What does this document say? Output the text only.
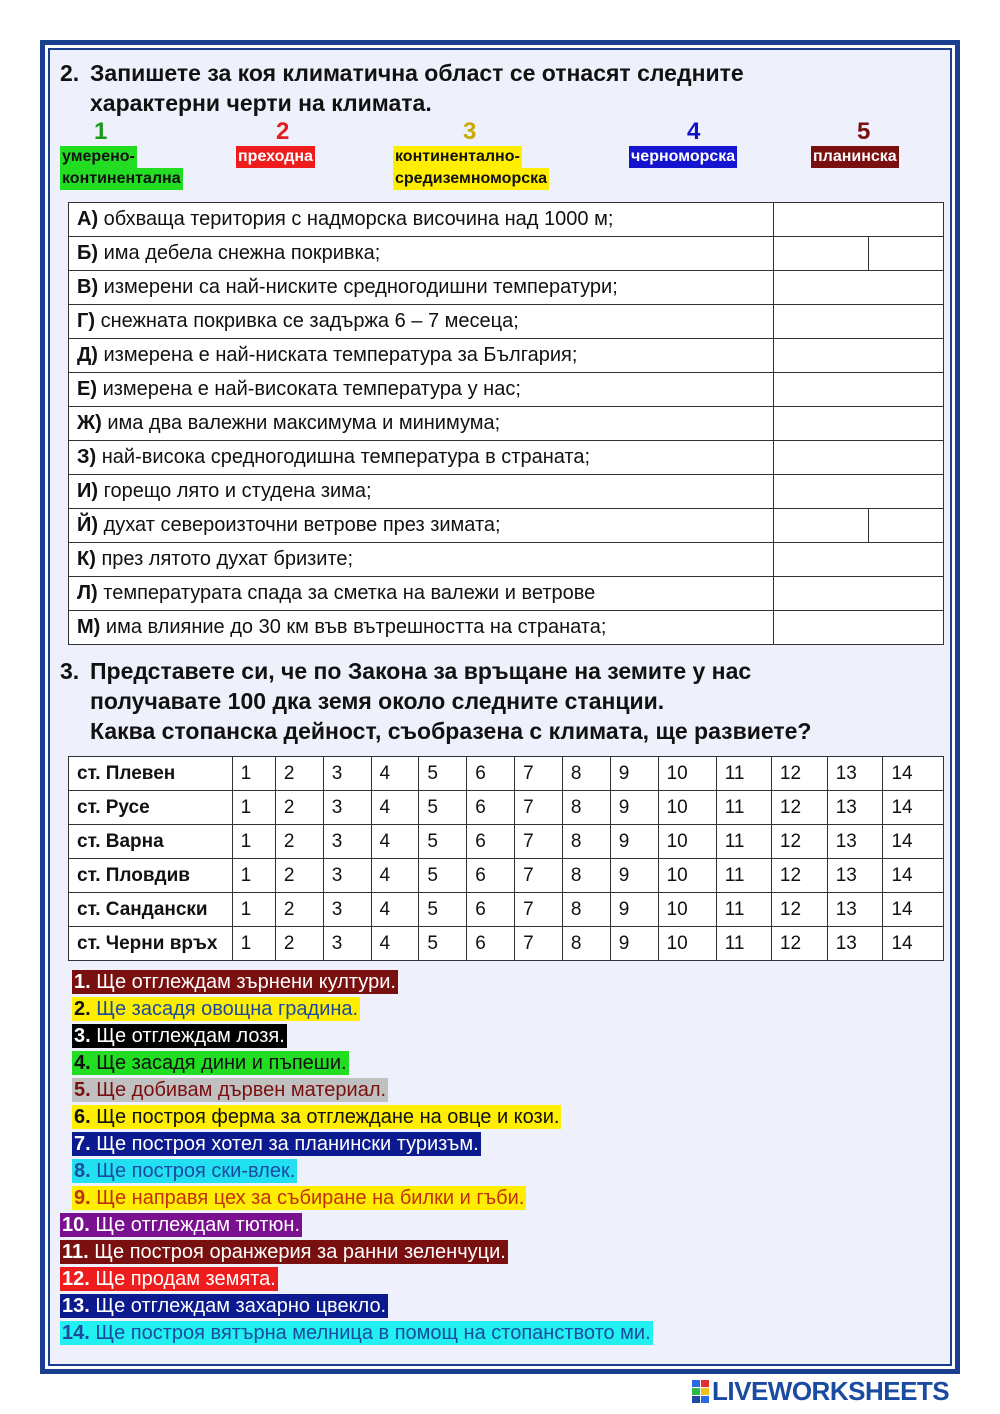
2. Запишете за коя климатична област се отнасят следните
характерни черти на климата.
1
умерено-
континентална
2
преходна
3
континентално-
средиземноморска
4
черноморска
5
планинска
А) обхваща територия с надморска височина над 1000 м;		
Б) има дебела снежна покривка;		
В) измерени са най-ниските средногодишни температури;		
Г) снежната покривка се задържа 6 – 7 месеца;		
Д) измерена е най-ниската температура за България;		
Е) измерена е най-високата температура у нас;		
Ж) има два валежни максимума и минимума;		
З) най-висока средногодишна температура в страната;		
И) горещо лято и студена зима;		
Й) духат североизточни ветрове през зимата;		
К) през лятото духат бризите;		
Л) температурата спада за сметка на валежи и ветрове		
М) има влияние до 30 км във вътрешността на страната;		
3. Представете си, че по Закона за връщане на земите у нас
получавате 100 дка земя около следните станции.
Каква стопанска дейност, съобразена с климата, ще развиете?
ст. Плевен	1	2	3	4	5	6	7	8	9	10	11	12	13	14
ст. Русе	1	2	3	4	5	6	7	8	9	10	11	12	13	14
ст. Варна	1	2	3	4	5	6	7	8	9	10	11	12	13	14
ст. Пловдив	1	2	3	4	5	6	7	8	9	10	11	12	13	14
ст. Сандански	1	2	3	4	5	6	7	8	9	10	11	12	13	14
ст. Черни връх	1	2	3	4	5	6	7	8	9	10	11	12	13	14
1. Ще отглеждам зърнени култури.
2. Ще засадя овощна градина.
3. Ще отглеждам лозя.
4. Ще засадя дини и пъпеши.
5. Ще добивам дървен материал.
6. Ще построя ферма за отглеждане на овце и кози.
7. Ще построя хотел за планински туризъм.
8. Ще построя ски-влек.
9. Ще направя цех за събиране на билки и гъби.
10. Ще отглеждам тютюн.
11. Ще построя оранжерия за ранни зеленчуци.
12. Ще продам земята.
13. Ще отглеждам захарно цвекло.
14. Ще построя вятърна мелница в помощ на стопанството ми.
LIVEWORKSHEETS
